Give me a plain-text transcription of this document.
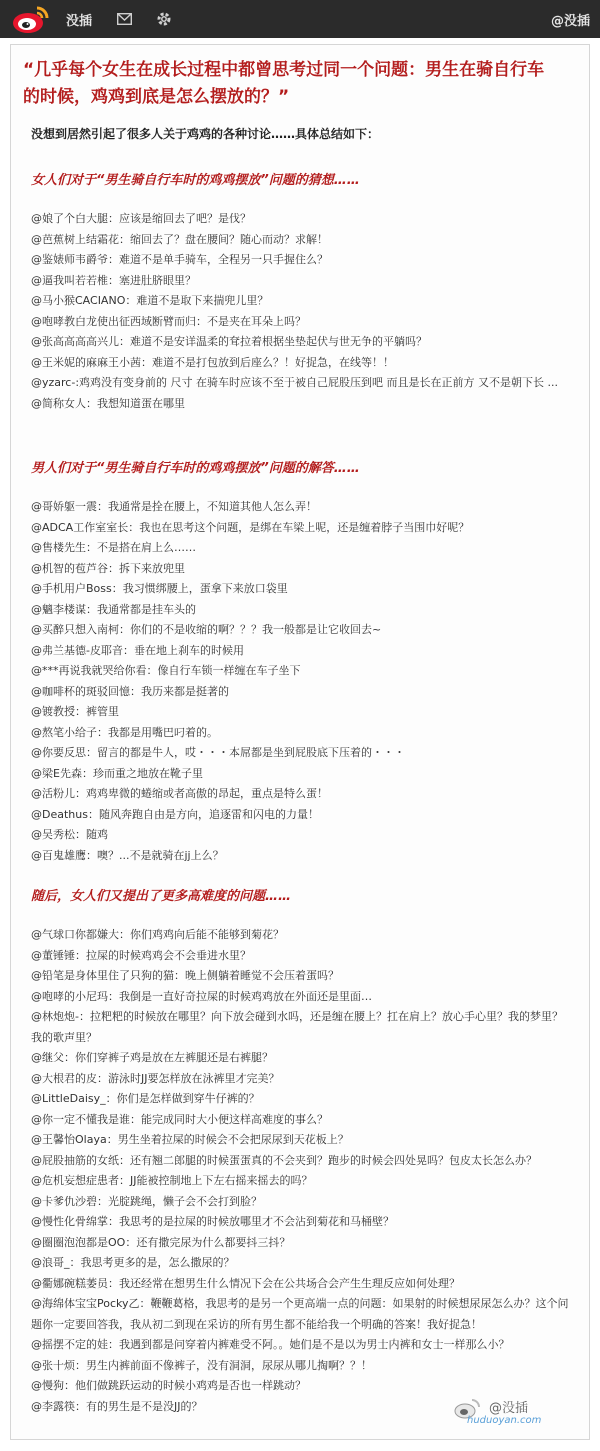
没插	@没插
“几乎每个女生在成长过程中都曾思考过同一个问题：男生在骑自行车的时候，鸡鸡到底是怎么摆放的？”
没想到居然引起了很多人关于鸡鸡的各种讨论……具体总结如下：
女人们对于“男生骑自行车时的鸡鸡摆放”问题的猜想……
@娘了个白大腿：应该是缩回去了吧？是伐？
@芭蕉树上结霜花：缩回去了？盘在腰间？随心而动？求解！
@鉴婊师韦爵爷：难道不是单手骑车，全程另一只手握住么？
@逼我叫若若椎：塞进肚脐眼里？
@马小猴CACIANO：难道不是取下来揣兜儿里？
@咆哮教白龙使出征西域断臂而归：不是夹在耳朵上吗？
@张高高高高兴儿：难道不是安详温柔的耷拉着根据坐垫起伏与世无争的平躺吗？
@王米妮的麻麻王小茜：难道不是打包放到后座么？！好捉急，在线等！！
@yzarc-:鸡鸡没有变身前的 尺寸 在骑车时应该不至于被自己屁股压到吧 而且是长在正前方 又不是朝下长 ...
@简称女人：我想知道蛋在哪里
男人们对于“男生骑自行车时的鸡鸡摆放”问题的解答……
@哥娇躯一震：我通常是拴在腰上，不知道其他人怎么弄！
@ADCA工作室室长：我也在思考这个问题，是绑在车梁上呢，还是缠着脖子当围巾好呢？
@售楼先生：不是搭在肩上么……
@机智的苞芦谷：拆下来放兜里
@手机用户Boss：我习惯绑腰上，蛋拿下来放口袋里
@魑李楼谋：我通常都是挂车头的
@买醉只想入南柯：你们的不是收缩的啊？？？我一般都是让它收回去~
@弗兰基德-皮耶音：垂在地上刹车的时候用
@***再说我就哭给你看：像自行车锁一样缠在车子坐下
@咖啡杯的斑驳回憶：我历来都是挺著的
@镀教授：裤管里
@熬笔小给子：我都是用嘴巴叼着的。
@你要反思：留言的都是牛人，哎・・・本屌都是坐到屁股底下压着的・・・
@梁E先森：珍而重之地放在靴子里
@活粉儿：鸡鸡卑微的蜷缩或者高傲的昂起，重点是特么蛋！
@Deathus：随风奔跑自由是方向，追逐雷和闪电的力量！
@吴秀松：随鸡
@百鬼雄鹰：噢？...不是就骑在jj上么？
随后，女人们又提出了更多高难度的问题……
@气球口你都嫌大：你们鸡鸡向后能不能够到菊花？
@董锤锤：拉屎的时候鸡鸡会不会垂进水里？
@铅笔是身体里住了只狗的猫：晚上侧躺着睡觉不会压着蛋吗？
@咆哮的小尼玛：我倒是一直好奇拉屎的时候鸡鸡放在外面还是里面…
@林炮炮-：拉粑粑的时候放在哪里？向下放会碰到水吗，还是缠在腰上？扛在肩上？放心手心里？我的梦里？我的歌声里？
@继父：你们穿裤子鸡是放在左裤腿还是右裤腿？
@大根君的皮：游泳时JJ要怎样放在泳裤里才完美？
@LittleDaisy_：你们是怎样做到穿牛仔裤的？
@你一定不懂我是谁：能完成同时大小便这样高难度的事么？
@王馨怡Olaya：男生坐着拉屎的时候会不会把尿尿到天花板上？
@屁股抽筋的女纸：还有翘二郎腿的时候蛋蛋真的不会夹到？跑步的时候会四处晃吗？包皮太长怎么办？
@危机妄想症患者：JJ能被控制地上下左右摇来摇去的吗？
@卡爹仇沙碧：光腚跳绳，懒子会不会打到脸？
@慢性化骨绵掌：我思考的是拉屎的时候放哪里才不会沾到菊花和马桶壁？
@圈圈泡泡都是OO：还有撒完尿为什么都要抖三抖？
@浪哥_：我思考更多的是，怎么撒尿的？
@衢娜碗糕萎员：我还经常在想男生什么情况下会在公共场合会产生生理反应如何处理？
@海绵体宝宝Pocky乙：鞭鞭葛格，我思考的是另一个更高端一点的问题：如果射的时候想尿尿怎么办？这个问题你一定要回答我，我从初二到现在采访的所有男生都不能给我一个明确的答案！我好捉急！
@摇摆不定的娃：我遇到都是问穿着内裤难受不阿。。她们是不是以为男士内裤和女士一样那么小？
@张十烦：男生内裤前面不像裤子，没有洞洞，尿尿从哪儿掏啊？？！
@慢狗：他们做跳跃运动的时候小鸡鸡是否也一样跳动？
@李露筷：有的男生是不是没JJ的？	@没插
huduoyan.com
